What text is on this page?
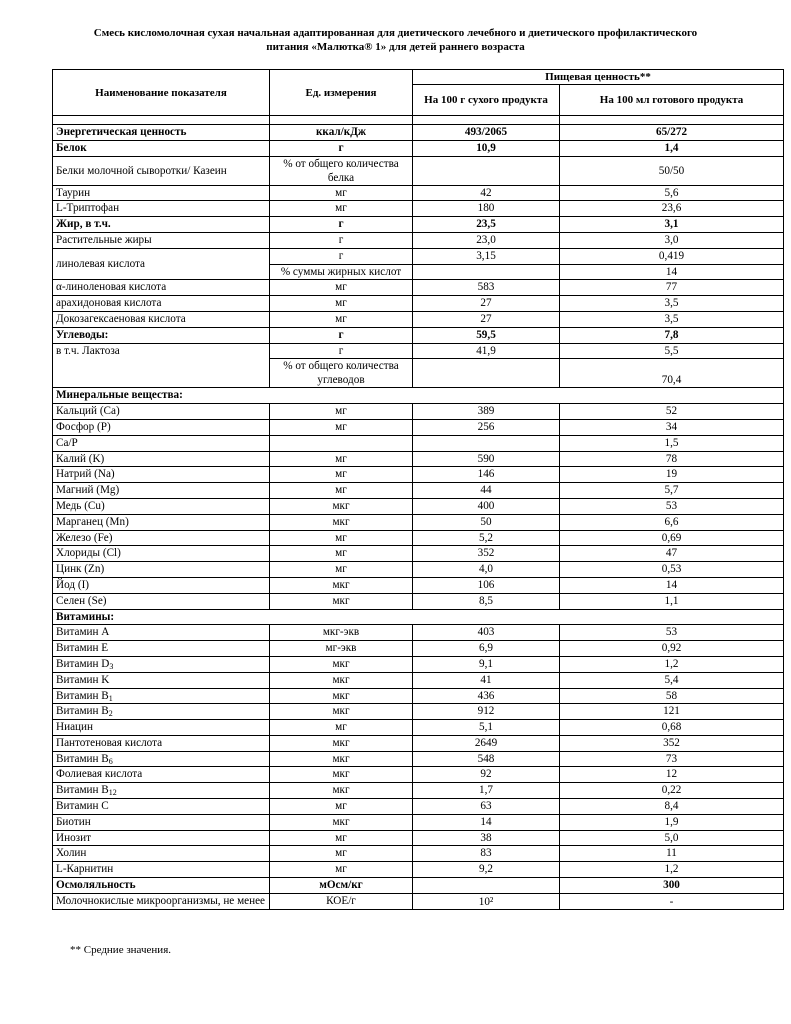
Смесь кисломолочная сухая начальная адаптированная для диетического лечебного и диетического профилактического
питания «Малютка® 1» для детей раннего возраста
Наименование показателя	Ед. измерения	Пищевая ценность**	
		На 100 г сухого продукта	На 100 мл готового продукта

Энергетическая ценность	ккал/кДж	493/2065	65/272
Белок	г	10,9	1,4
Белки молочной сыворотки/ Казеин	% от общего количества белка		50/50
Таурин	мг	42	5,6
L-Триптофан	мг	180	23,6
Жир, в т.ч.	г	23,5	3,1
Растительные жиры	г	23,0	3,0
линолевая кислота	г	3,15	0,419
	% суммы жирных кислот		14
α-линоленовая кислота	мг	583	77
арахидоновая кислота	мг	27	3,5
Докозагексаеновая кислота	мг	27	3,5
Углеводы:	г	59,5	7,8
в т.ч. Лактоза	г	41,9	5,5
	% от общего количества углеводов		70,4
Минеральные вещества:			
Кальций (Ca)	мг	389	52
Фосфор (P)	мг	256	34
Ca/P			1,5
Калий (K)	мг	590	78
Натрий (Na)	мг	146	19
Магний (Mg)	мг	44	5,7
Медь (Cu)	мкг	400	53
Марганец (Mn)	мкг	50	6,6
Железо (Fe)	мг	5,2	0,69
Хлориды (Cl)	мг	352	47
Цинк (Zn)	мг	4,0	0,53
Йод (I)	мкг	106	14
Селен (Se)	мкг	8,5	1,1
Витамины:			
Витамин A	мкг-экв	403	53
Витамин E	мг-экв	6,9	0,92
Витамин $D_3$	мкг	9,1	1,2
Витамин K	мкг	41	5,4
Витамин $B_1$	мкг	436	58
Витамин $B_2$	мкг	912	121
Ниацин	мг	5,1	0,68
Пантотеновая кислота	мкг	2649	352
Витамин $B_6$	мкг	548	73
Фолиевая кислота	мкг	92	12
Витамин $B_{12}$	мкг	1,7	0,22
Витамин C	мг	63	8,4
Биотин	мкг	14	1,9
Инозит	мг	38	5,0
Холин	мг	83	11
L-Карнитин	мг	9,2	1,2
Осмоляльность	мОсм/кг		300
Молочнокислые микроорганизмы, не менее	КОЕ/г	10²	-
** Средние значения.
